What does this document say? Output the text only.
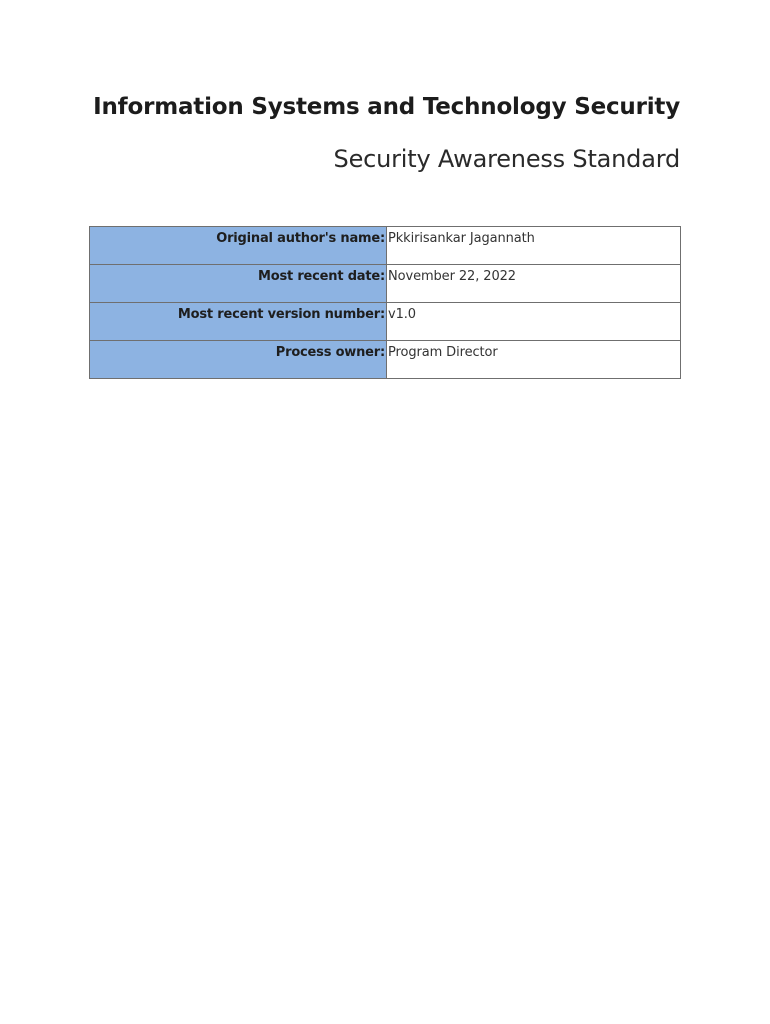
Information Systems and Technology Security
Security Awareness Standard
Original author's name:	Pkkirisankar Jagannath
Most recent date:	November 22, 2022
Most recent version number:	v1.0
Process owner:	Program Director
